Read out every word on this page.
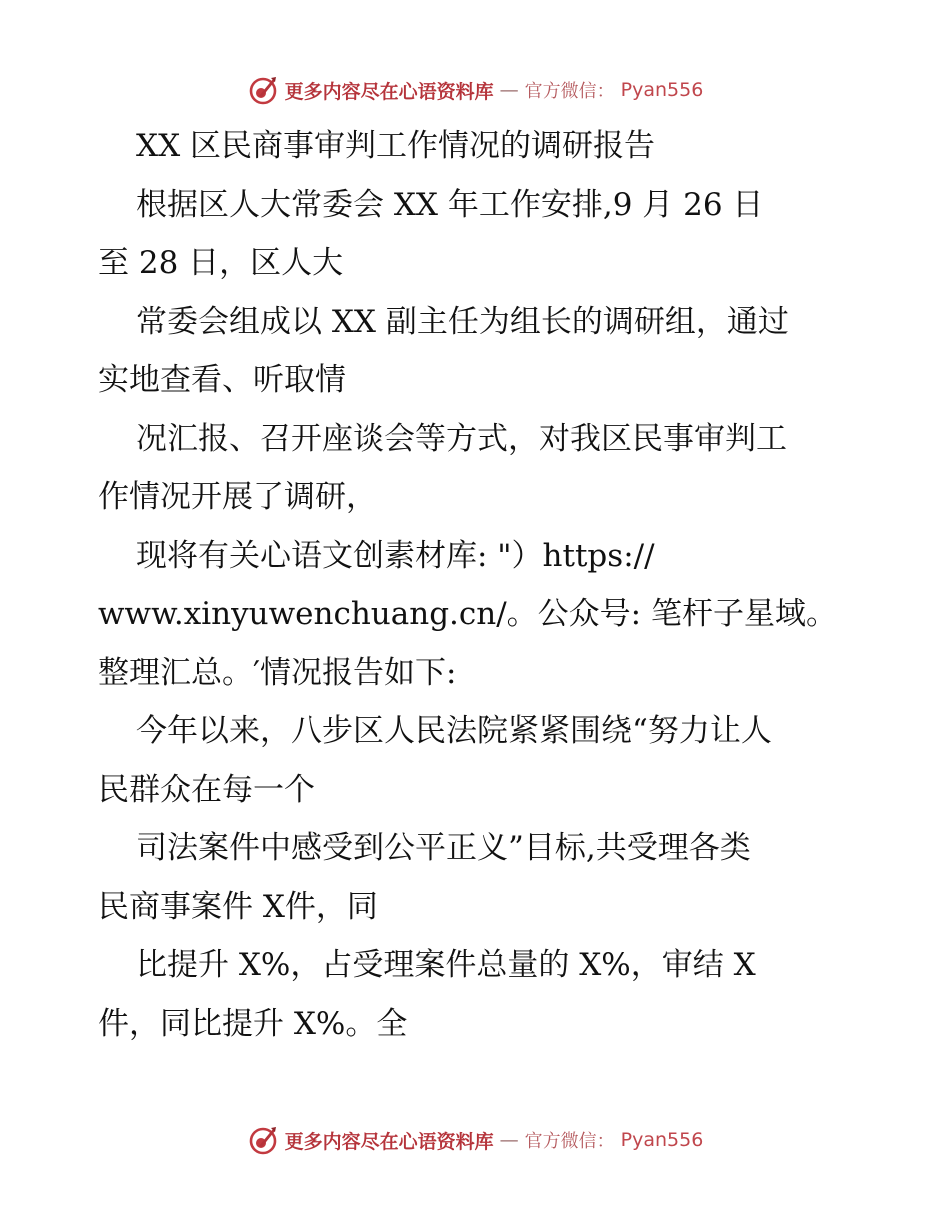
更多内容尽在心语资料库 — 官方微信： Pyan556
XX 区民商事审判工作情况的调研报告
根据区人大常委会 XX 年工作安排,9 月 26 日
至 28 日，区人大
常委会组成以 XX 副主任为组长的调研组，通过
实地查看、听取情
况汇报、召开座谈会等方式，对我区民事审判工
作情况开展了调研，
现将有关心语文创素材库: "）https://
www.xinyuwenchuang.cn/。公众号: 笔杆子星域。
整理汇总。′情况报告如下:
今年以来，八步区人民法院紧紧围绕“努力让人
民群众在每一个
司法案件中感受到公平正义”目标,共受理各类
民商事案件 X件，同
比提升 X%，占受理案件总量的 X%，审结 X
件，同比提升 X%。全
更多内容尽在心语资料库 — 官方微信： Pyan556
